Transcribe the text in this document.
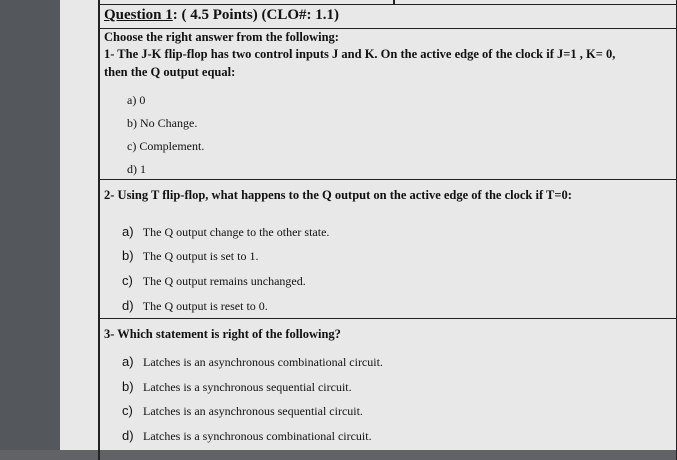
Question 1: ( 4.5 Points) (CLO#: 1.1)
Choose the right answer from the following:
1- The J-K flip-flop has two control inputs J and K. On the active edge of the clock if J=1 , K= 0,
then the Q output equal:
a) 0
b) No Change.
c) Complement.
d) 1
2- Using T flip-flop, what happens to the Q output on the active edge of the clock if T=0:
a) The Q output change to the other state.
b) The Q output is set to 1.
c) The Q output remains unchanged.
d) The Q output is reset to 0.
3- Which statement is right of the following?
a) Latches is an asynchronous combinational circuit.
b) Latches is a synchronous sequential circuit.
c) Latches is an asynchronous sequential circuit.
d) Latches is a synchronous combinational circuit.
